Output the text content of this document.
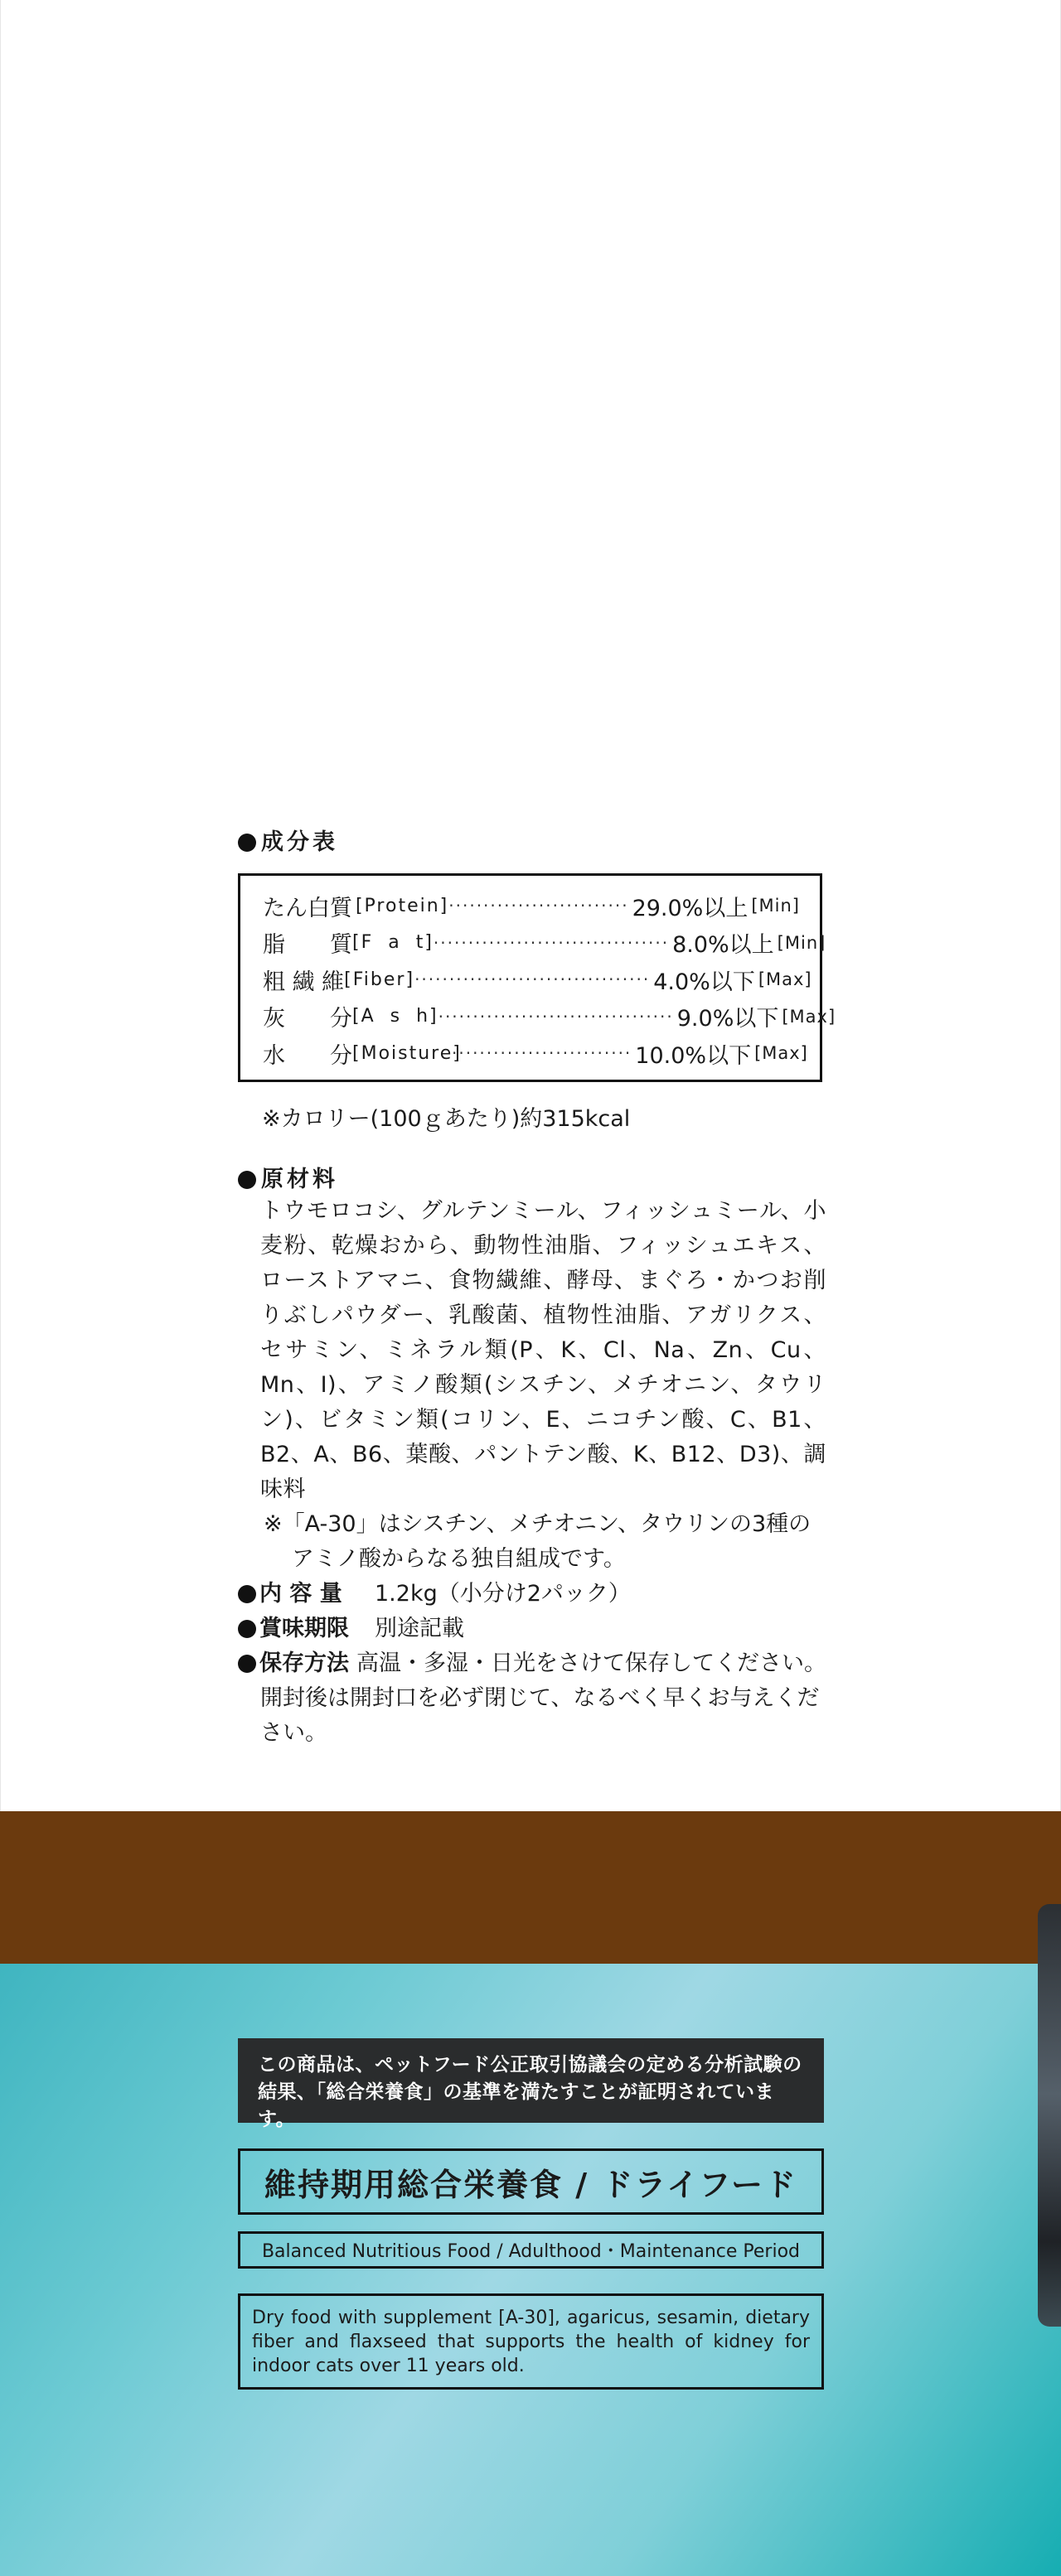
成分表
たん白質 [Protein] ·························· 29.0%以上 [Min]
脂　　質 [F  a  t] ·································· 8.0%以上 [Min]
粗 繊 維 [Fiber] ·································· 4.0%以下 [Max]
灰　　分 [A  s  h] ·································· 9.0%以下 [Max]
水　　分 [Moisture]
·························· 10.0%以下 [Max]
※カロリー(100ｇあたり)約315kcal
原材料
トウモロコシ、グルテンミール、フィッシュミール、小麦粉、乾燥おから、動物性油脂、フィッシュエキス、ローストアマニ、食物繊維、酵母、まぐろ・かつお削りぶしパウダー、乳酸菌、植物性油脂、アガリクス、セサミン、ミネラル類(P、K、Cl、Na、Zn、Cu、Mn、I)、アミノ酸類(シスチン、メチオニン、タウリン)、ビタミン類(コリン、E、ニコチン酸、C、B1、B2、A、B6、葉酸、パントテン酸、K、B12、D3)、調味料
※「A-30」はシスチン、メチオニン、タウリンの3種の
アミノ酸からなる独自組成です。
内 容 量 1.2kg（小分け2パック）
賞味期限 別途記載
保存方法 高温・多湿・日光をさけて保存してください。
開封後は開封口を必ず閉じて、なるべく早くお与えください。
この商品は、ペットフード公正取引協議会の定める分析試験の
結果、「総合栄養食」の基準を満たすことが証明されています。
維持期用総合栄養食 / ドライフード
Balanced Nutritious Food / Adulthood・Maintenance Period
Dry food with supplement [A-30], agaricus, sesamin, dietary fiber and flaxseed that supports the health of kidney for indoor cats over 11 years old.
